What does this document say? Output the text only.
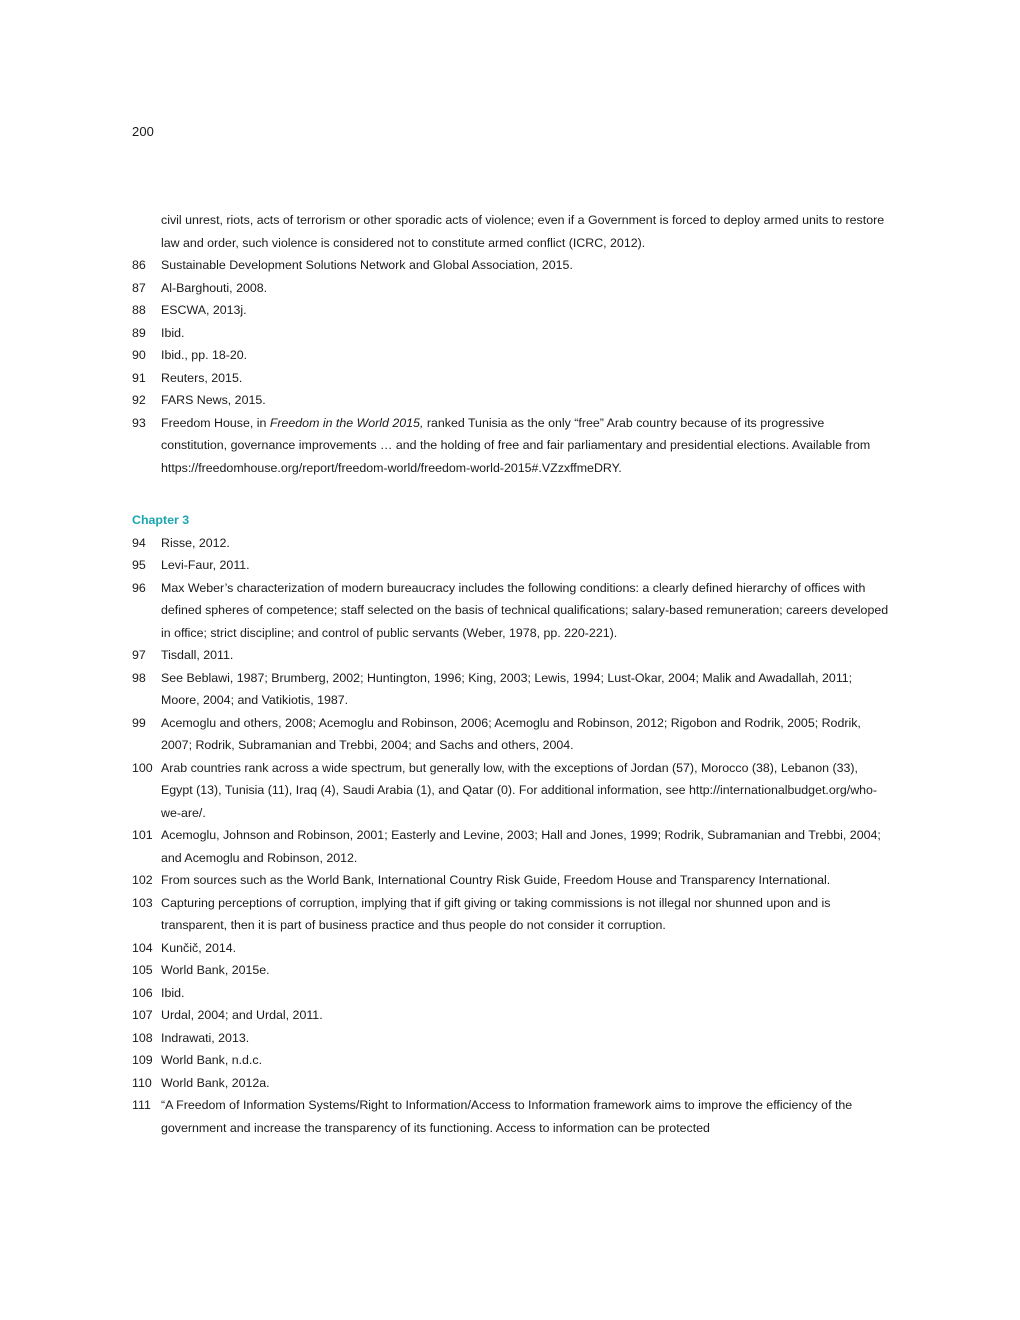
200
civil unrest, riots, acts of terrorism or other sporadic acts of violence; even if a Government is forced to deploy armed units to restore law and order, such violence is considered not to constitute armed conflict (ICRC, 2012).
86	Sustainable Development Solutions Network and Global Association, 2015.
87	Al-Barghouti, 2008.
88	ESCWA, 2013j.
89	Ibid.
90	Ibid., pp. 18-20.
91	Reuters, 2015.
92	FARS News, 2015.
93	Freedom House, in Freedom in the World 2015, ranked Tunisia as the only “free” Arab country because of its progressive constitution, governance improvements … and the holding of free and fair parliamentary and presidential elections. Available from https://freedomhouse.org/report/freedom-world/freedom-world-2015#.VZzxffmeDRY.
Chapter 3
94	Risse, 2012.
95	Levi-Faur, 2011.
96	Max Weber’s characterization of modern bureaucracy includes the following conditions: a clearly defined hierarchy of offices with defined spheres of competence; staff selected on the basis of technical qualifications; salary-based remuneration; careers developed in office; strict discipline; and control of public servants (Weber, 1978, pp. 220-221).
97	Tisdall, 2011.
98	See Beblawi, 1987; Brumberg, 2002; Huntington, 1996; King, 2003; Lewis, 1994; Lust-Okar, 2004; Malik and Awadallah, 2011; Moore, 2004; and Vatikiotis, 1987.
99	Acemoglu and others, 2008; Acemoglu and Robinson, 2006; Acemoglu and Robinson, 2012; Rigobon and Rodrik, 2005; Rodrik, 2007; Rodrik, Subramanian and Trebbi, 2004; and Sachs and others, 2004.
100 Arab countries rank across a wide spectrum, but generally low, with the exceptions of Jordan (57), Morocco (38), Lebanon (33), Egypt (13), Tunisia (11), Iraq (4), Saudi Arabia (1), and Qatar (0). For additional information, see http://internationalbudget.org/who-we-are/.
101 Acemoglu, Johnson and Robinson, 2001; Easterly and Levine, 2003; Hall and Jones, 1999; Rodrik, Subramanian and Trebbi, 2004; and Acemoglu and Robinson, 2012.
102 From sources such as the World Bank, International Country Risk Guide, Freedom House and Transparency International.
103 Capturing perceptions of corruption, implying that if gift giving or taking commissions is not illegal nor shunned upon and is transparent, then it is part of business practice and thus people do not consider it corruption.
104 Kunčič, 2014.
105 World Bank, 2015e.
106 Ibid.
107 Urdal, 2004; and Urdal, 2011.
108 Indrawati, 2013.
109 World Bank, n.d.c.
110 World Bank, 2012a.
111 “A Freedom of Information Systems/Right to Information/Access to Information framework aims to improve the efficiency of the government and increase the transparency of its functioning. Access to information can be protected
